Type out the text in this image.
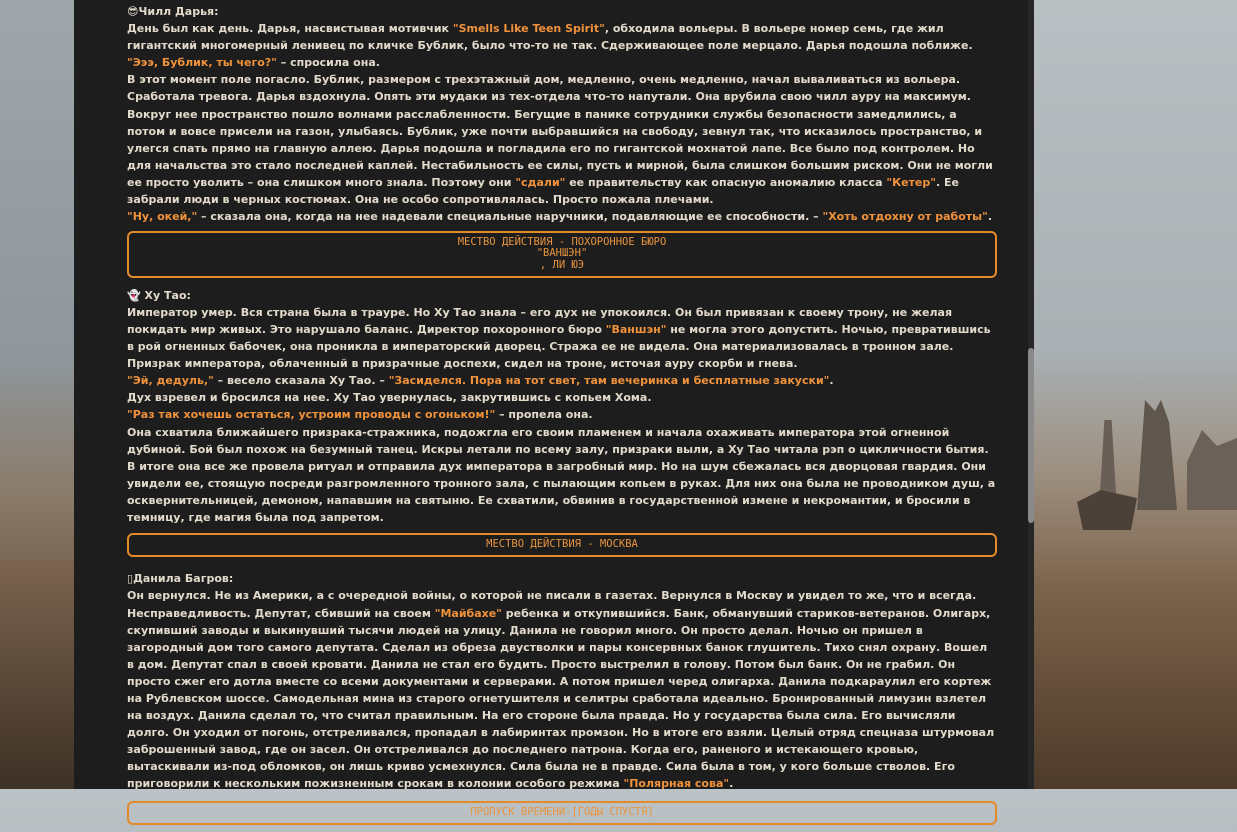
😎Чилл Дарья:
День был как день. Дарья, насвистывая мотивчик "Smells Like Teen Spirit", обходила вольеры. В вольере номер семь, где жил гигантский многомерный ленивец по кличке Бублик, было что-то не так. Сдерживающее поле мерцало. Дарья подошла поближе.
"Эээ, Бублик, ты чего?" – спросила она.
В этот момент поле погасло. Бублик, размером с трехэтажный дом, медленно, очень медленно, начал вываливаться из вольера. Сработала тревога. Дарья вздохнула. Опять эти мудаки из тех-отдела что-то напутали. Она врубила свою чилл ауру на максимум. Вокруг нее пространство пошло волнами расслабленности. Бегущие в панике сотрудники службы безопасности замедлились, а потом и вовсе присели на газон, улыбаясь. Бублик, уже почти выбравшийся на свободу, зевнул так, что исказилось пространство, и улегся спать прямо на главную аллею. Дарья подошла и погладила его по гигантской мохнатой лапе. Все было под контролем. Но для начальства это стало последней каплей. Нестабильность ее силы, пусть и мирной, была слишком большим риском. Они не могли ее просто уволить – она слишком много знала. Поэтому они "сдали" ее правительству как опасную аномалию класса "Кетер". Ее забрали люди в черных костюмах. Она не особо сопротивлялась. Просто пожала плечами.
"Ну, окей," – сказала она, когда на нее надевали специальные наручники, подавляющие ее способности. – "Хоть отдохну от работы".
МЕСТВО ДЕЙСТВИЯ - ПОХОРОННОЕ БЮРО
"ВАНШЭН"
, ЛИ ЮЭ
👻 Ху Тао:
Император умер. Вся страна была в трауре. Но Ху Тао знала – его дух не упокоился. Он был привязан к своему трону, не желая покидать мир живых. Это нарушало баланс. Директор похоронного бюро "Ваншэн" не могла этого допустить. Ночью, превратившись в рой огненных бабочек, она проникла в императорский дворец. Стража ее не видела. Она материализовалась в тронном зале. Призрак императора, облаченный в призрачные доспехи, сидел на троне, источая ауру скорби и гнева.
"Эй, дедуль," – весело сказала Ху Тао. – "Засиделся. Пора на тот свет, там вечеринка и бесплатные закуски".
Дух взревел и бросился на нее. Ху Тао увернулась, закрутившись с копьем Хома.
"Раз так хочешь остаться, устроим проводы с огоньком!" – пропела она.
Она схватила ближайшего призрака-стражника, подожгла его своим пламенем и начала охаживать императора этой огненной дубиной. Бой был похож на безумный танец. Искры летали по всему залу, призраки выли, а Ху Тао читала рэп о цикличности бытия. В итоге она все же провела ритуал и отправила дух императора в загробный мир. Но на шум сбежалась вся дворцовая гвардия. Они увидели ее, стоящую посреди разгромленного тронного зала, с пылающим копьем в руках. Для них она была не проводником душ, а осквернительницей, демоном, напавшим на святыню. Ее схватили, обвинив в государственной измене и некромантии, и бросили в темницу, где магия была под запретом.
МЕСТВО ДЕЙСТВИЯ - МОСКВА
▯Данила Багров:
Он вернулся. Не из Америки, а с очередной войны, о которой не писали в газетах. Вернулся в Москву и увидел то же, что и всегда. Несправедливость. Депутат, сбивший на своем "Майбахе" ребенка и откупившийся. Банк, обманувший стариков-ветеранов. Олигарх, скупивший заводы и выкинувший тысячи людей на улицу. Данила не говорил много. Он просто делал. Ночью он пришел в загородный дом того самого депутата. Сделал из обреза двустволки и пары консервных банок глушитель. Тихо снял охрану. Вошел в дом. Депутат спал в своей кровати. Данила не стал его будить. Просто выстрелил в голову. Потом был банк. Он не грабил. Он просто сжег его дотла вместе со всеми документами и серверами. А потом пришел черед олигарха. Данила подкараулил его кортеж на Рублевском шоссе. Самодельная мина из старого огнетушителя и селитры сработала идеально. Бронированный лимузин взлетел на воздух. Данила сделал то, что считал правильным. На его стороне была правда. Но у государства была сила. Его вычисляли долго. Он уходил от погонь, отстреливался, пропадал в лабиринтах промзон. Но в итоге его взяли. Целый отряд спецназа штурмовал заброшенный завод, где он засел. Он отстреливался до последнего патрона. Когда его, раненого и истекающего кровью, вытаскивали из-под обломков, он лишь криво усмехнулся. Сила была не в правде. Сила была в том, у кого больше стволов. Его приговорили к нескольким пожизненным срокам в колонии особого режима "Полярная сова".
ПРОПУСК ВРЕМЕНИ-[ГОДЫ СПУСТЯ]
